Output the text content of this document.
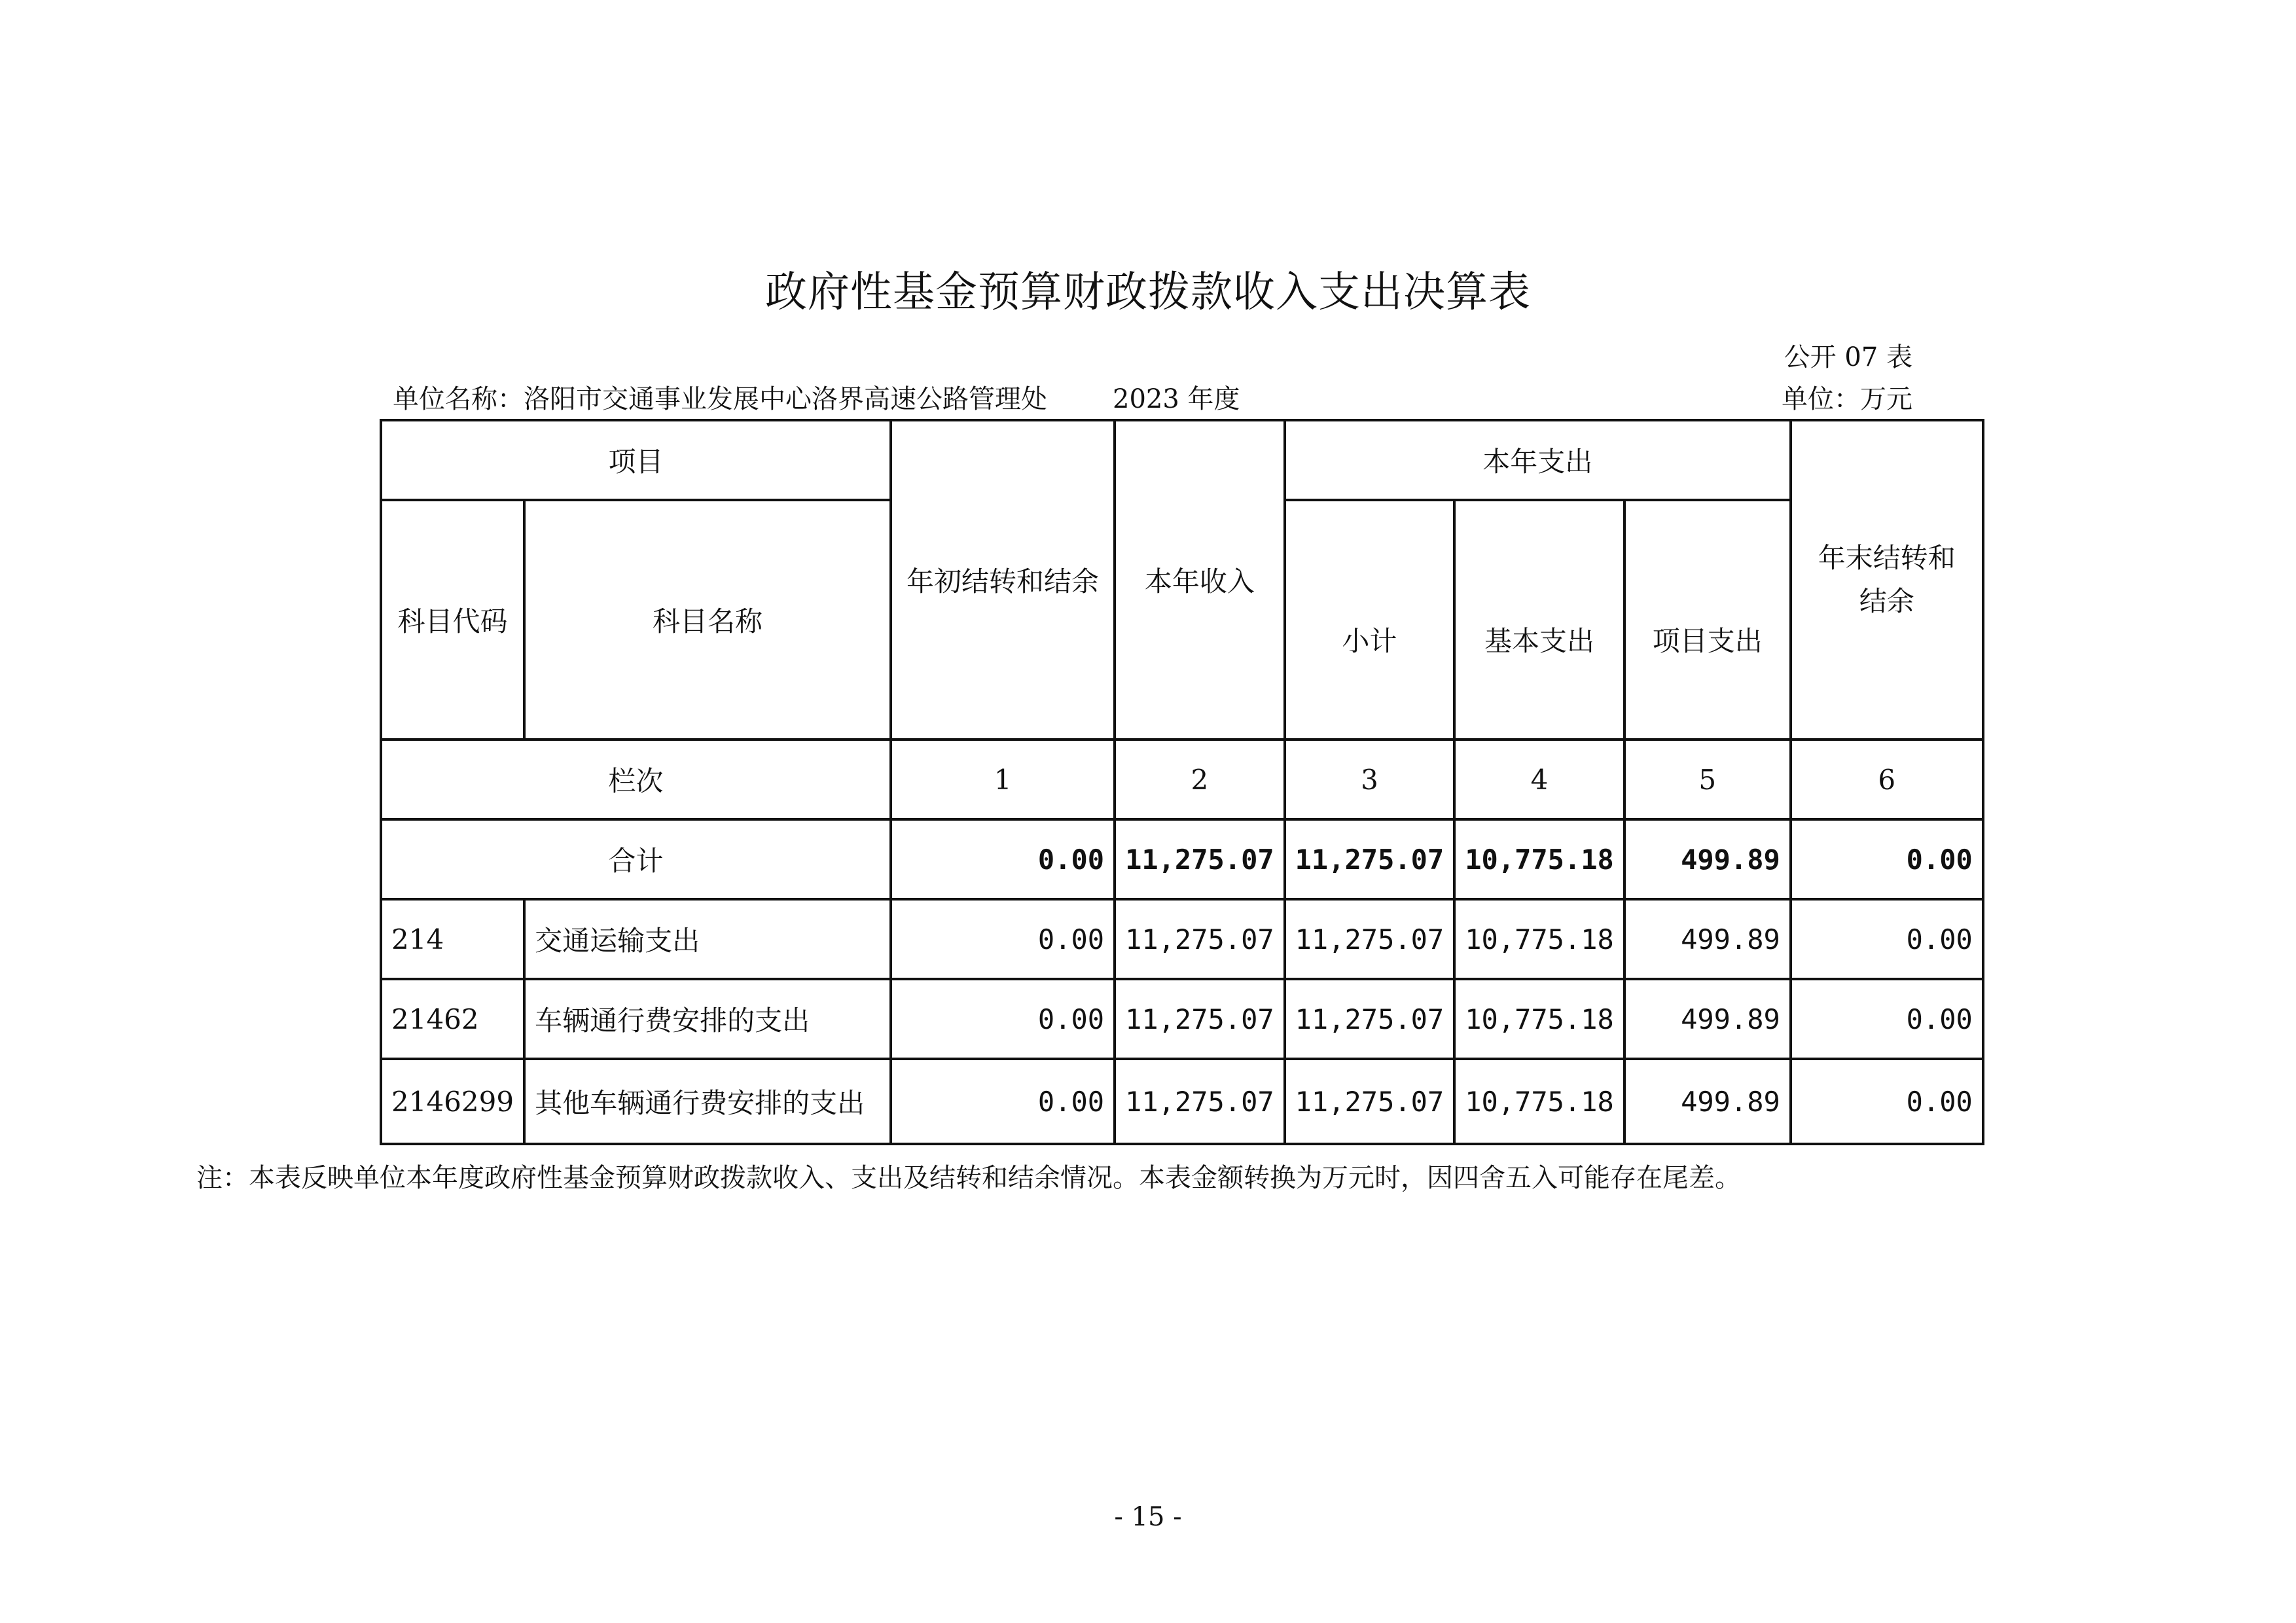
政府性基金预算财政拨款收入支出决算表
公开 07 表
单位名称：洛阳市交通事业发展中心洛界高速公路管理处	2023 年度	单位：万元
项目		年初结转和结余	本年收入	本年支出			年末结转和结余
科目代码	科目名称			小计	基本支出	项目支出	
栏次		1	2	3	4	5	6
合计		0.00	11,275.07	11,275.07	10,775.18	499.89	0.00
214	交通运输支出	0.00	11,275.07	11,275.07	10,775.18	499.89	0.00
21462	车辆通行费安排的支出	0.00	11,275.07	11,275.07	10,775.18	499.89	0.00
2146299	其他车辆通行费安排的支出	0.00	11,275.07	11,275.07	10,775.18	499.89	0.00
注：本表反映单位本年度政府性基金预算财政拨款收入、支出及结转和结余情况。本表金额转换为万元时，因四舍五入可能存在尾差。
- 15 -
